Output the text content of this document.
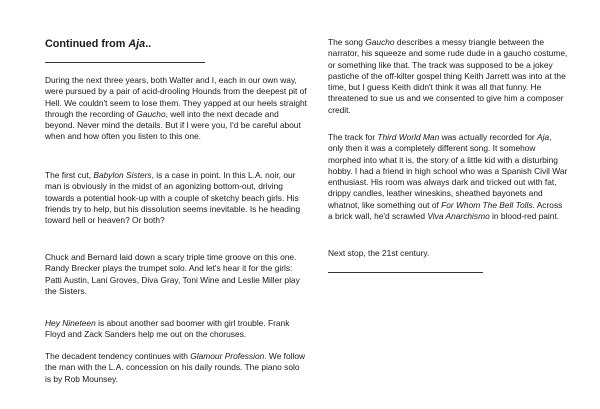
Continued from Aja..

During the next three years, both Walter and I, each in our own way, were pursued by a pair of acid-drooling Hounds from the deepest pit of Hell. We couldn't seem to lose them. They yapped at our heels straight through the recording of Gaucho, well into the next decade and beyond. Never mind the details. But if I were you, I'd be careful about when and how often you listen to this one.

The first cut, Babylon Sisters, is a case in point. In this L.A. noir, our man is obviously in the midst of an agonizing bottom-out, driving towards a potential hook-up with a couple of sketchy beach girls. His friends try to help, but his dissolution seems inevitable. Is he heading toward hell or heaven? Or both?

Chuck and Bernard laid down a scary triple time groove on this one. Randy Brecker plays the trumpet solo. And let's hear it for the girls: Patti Austin, Lani Groves, Diva Gray, Toni Wine and Leslie Miller play the Sisters.

Hey Nineteen is about another sad boomer with girl trouble. Frank Floyd and Zack Sanders help me out on the choruses.

The decadent tendency continues with Glamour Profession. We follow the man with the L.A. concession on his daily rounds. The piano solo is by Rob Mounsey.

The song Gaucho describes a messy triangle between the narrator, his squeeze and some rude dude in a gaucho costume, or something like that. The track was supposed to be a jokey pastiche of the off-kilter gospel thing Keith Jarrett was into at the time, but I guess Keith didn't think it was all that funny. He threatened to sue us and we consented to give him a composer credit.

The track for Third World Man was actually recorded for Aja, only then it was a completely different song. It somehow morphed into what it is, the story of a little kid with a disturbing hobby. I had a friend in high school who was a Spanish Civil War enthusiast. His room was always dark and tricked out with fat, drippy candles, leather wineskins, sheathed bayonets and whatnot, like something out of For Whom The Bell Tolls. Across a brick wall, he'd scrawled Viva Anarchismo in blood-red paint.

Next stop, the 21st century.
